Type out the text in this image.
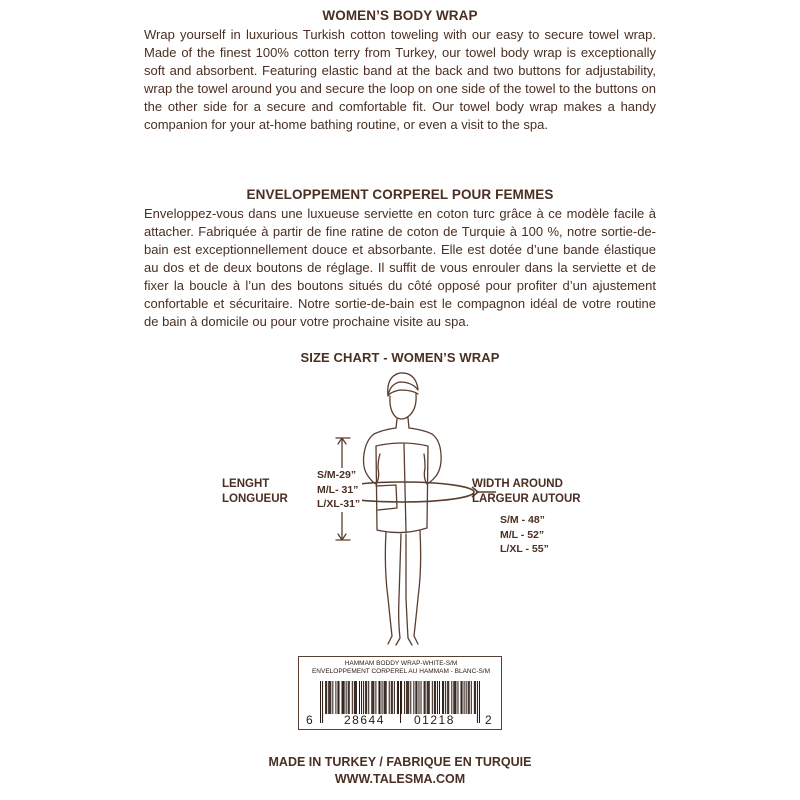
WOMEN’S BODY WRAP
Wrap yourself in luxurious Turkish cotton toweling with our easy to secure towel wrap. Made of the finest 100% cotton terry from Turkey, our towel body wrap is exceptionally soft and absorbent. Featuring elastic band at the back and two buttons for adjustability, wrap the towel around you and secure the loop on one side of the towel to the buttons on the other side for a secure and comfortable fit. Our towel body wrap makes a handy companion for your at-home bathing routine, or even a visit to the spa.
ENVELOPPEMENT CORPEREL POUR FEMMES
Enveloppez-vous dans une luxueuse serviette en coton turc grâce à ce modèle facile à attacher. Fabriquée à partir de fine ratine de coton de Turquie à 100 %, notre sortie-de-bain est exceptionnellement douce et absorbante. Elle est dotée d’une bande élastique au dos et de deux boutons de réglage. Il suffit de vous enrouler dans la serviette et de fixer la boucle à l’un des boutons situés du côté opposé pour profiter d’un ajustement confortable et sécuritaire. Notre sortie-de-bain est le compagnon idéal de votre routine de bain à domicile ou pour votre prochaine visite au spa.
SIZE CHART - WOMEN’S WRAP
LENGHT
LONGUEUR
S/M-29”
M/L- 31”
L/XL-31”
WIDTH AROUND
LARGEUR AUTOUR
S/M - 48”
M/L - 52”
L/XL - 55”
HAMMAM BODDY WRAP-WHITE-S/M
ENVELOPPEMENT CORPEREL AU HAMMAM - BLANC-S/M
6	28644 01218	2
MADE IN TURKEY / FABRIQUE EN TURQUIE
WWW.TALESMA.COM
